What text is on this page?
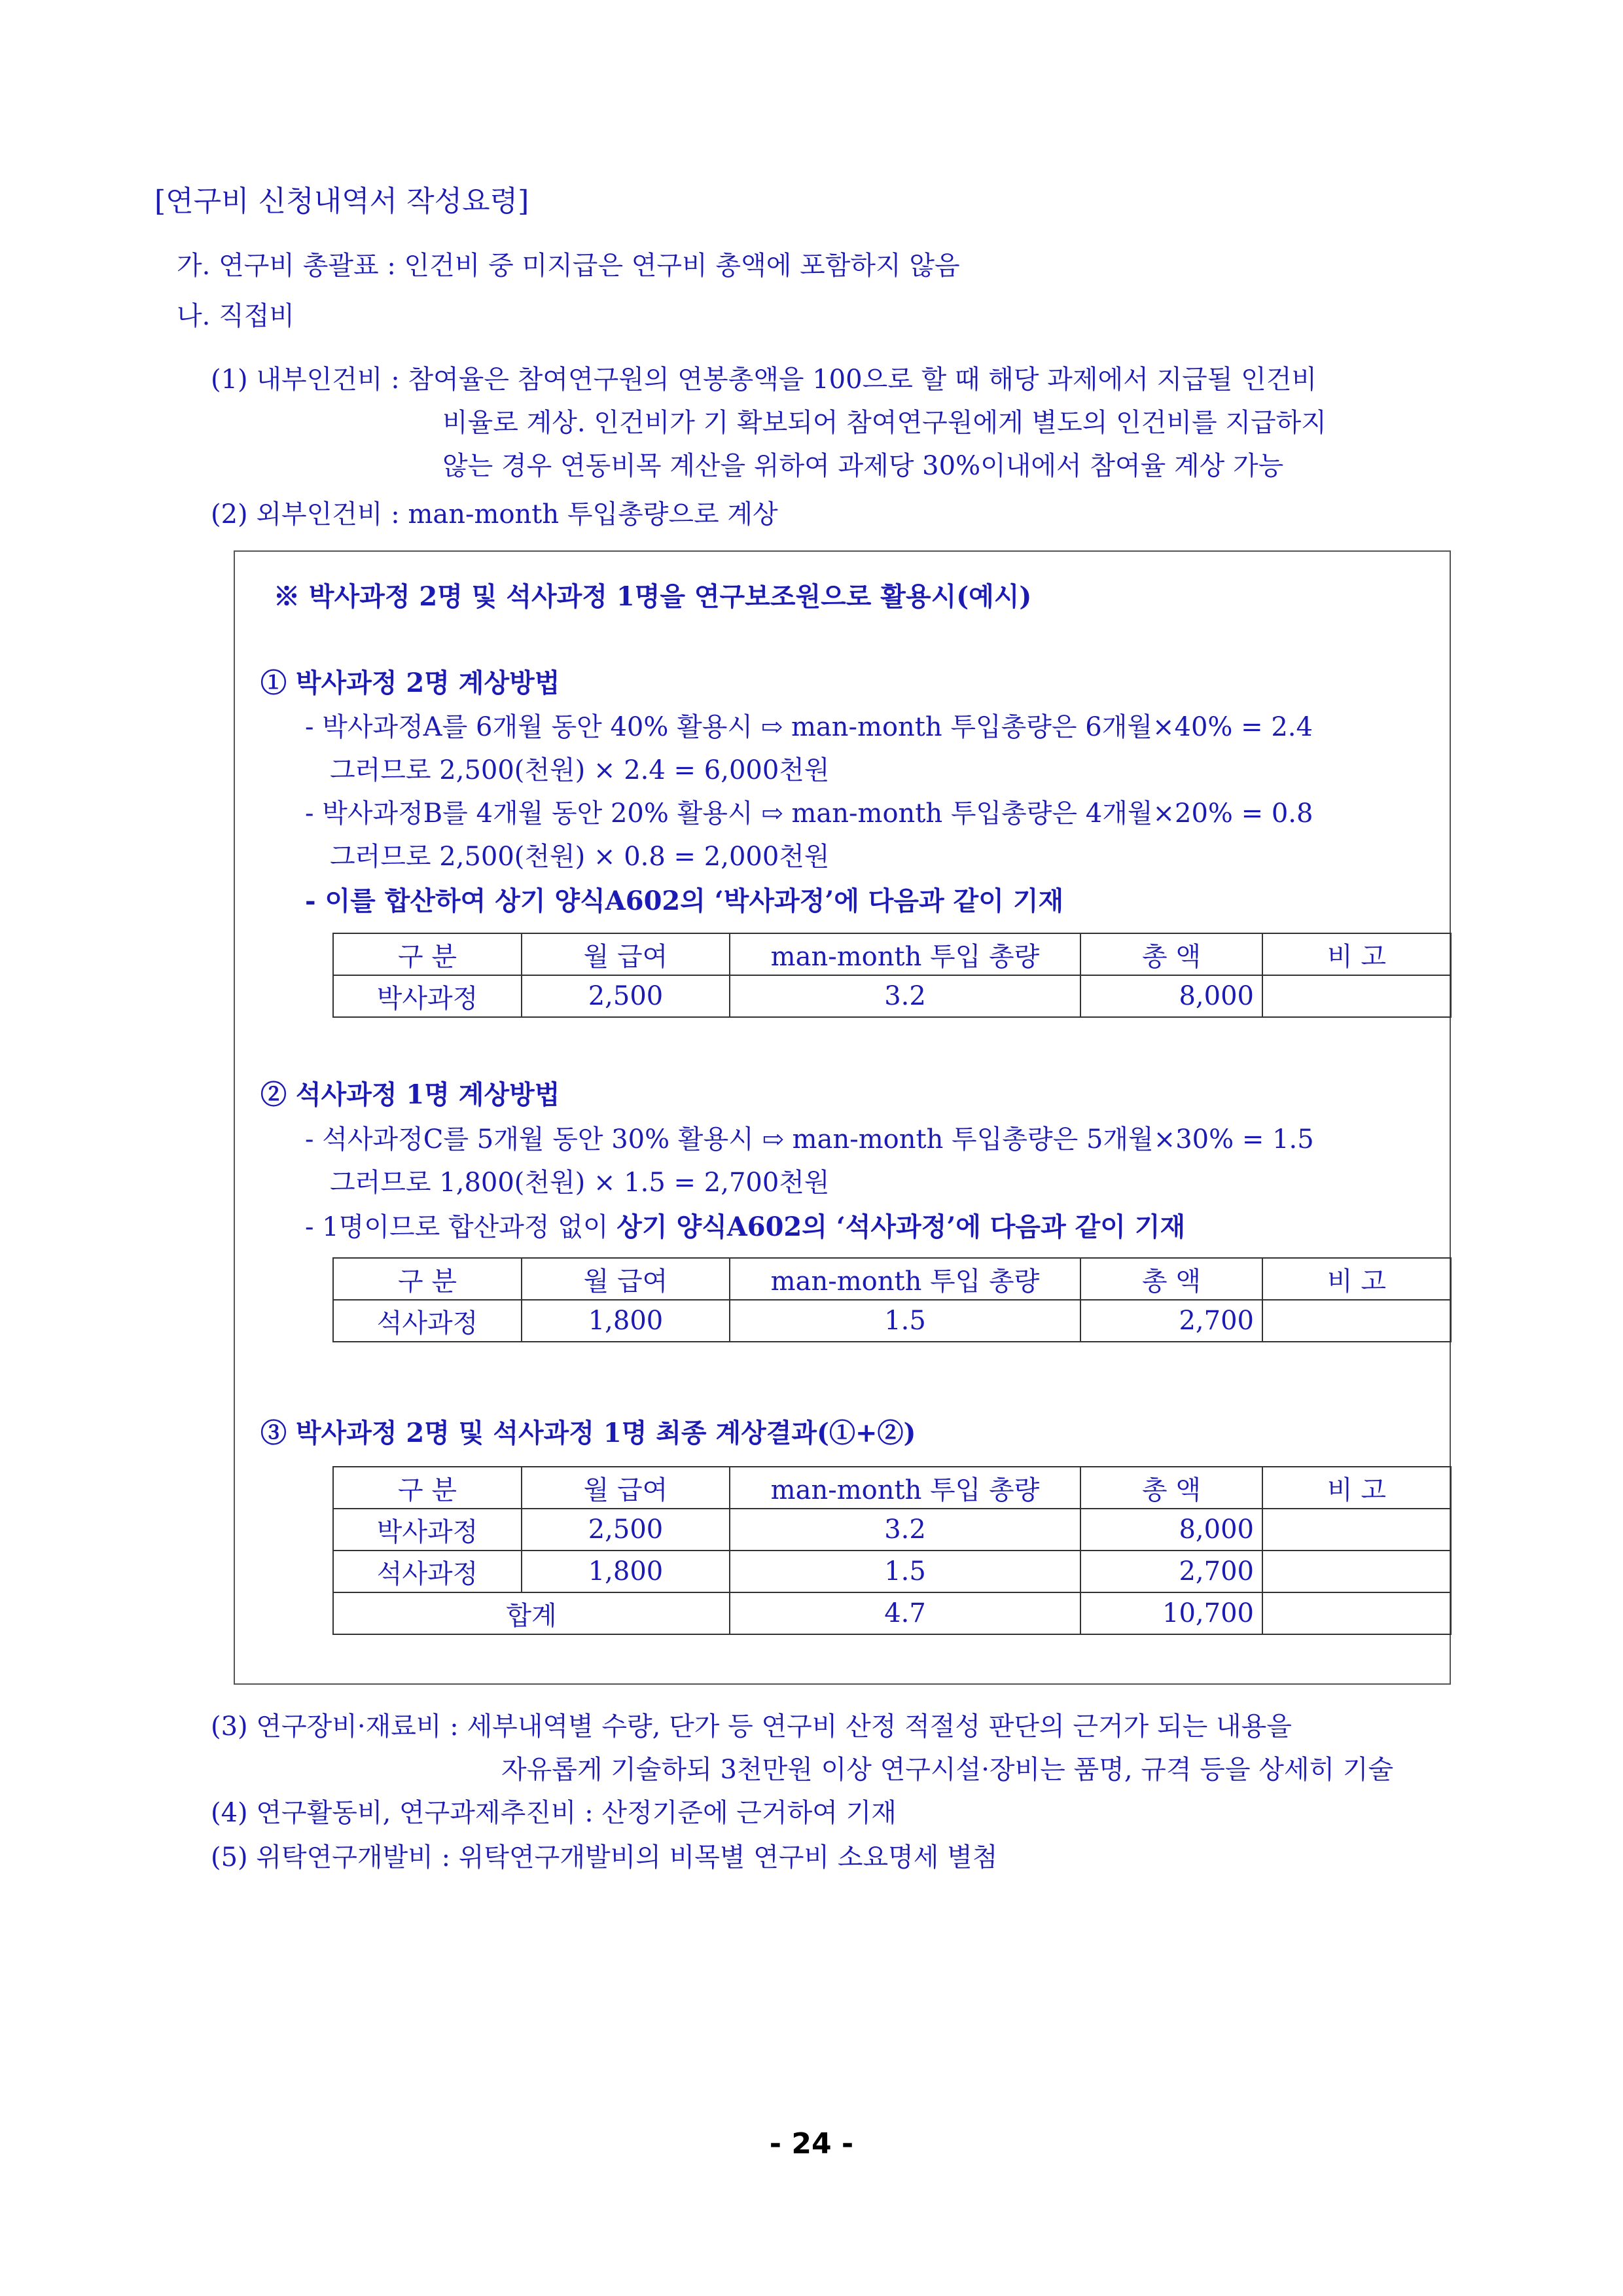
[연구비 신청내역서 작성요령]
가. 연구비 총괄표 : 인건비 중 미지급은 연구비 총액에 포함하지 않음
나. 직접비
(1) 내부인건비 : 참여율은 참여연구원의 연봉총액을 100으로 할 때 해당 과제에서 지급될 인건비
비율로 계상. 인건비가 기 확보되어 참여연구원에게 별도의 인건비를 지급하지
않는 경우 연동비목 계산을 위하여 과제당 30%이내에서 참여율 계상 가능
(2) 외부인건비 : man-month 투입총량으로 계상
※ 박사과정 2명 및 석사과정 1명을 연구보조원으로 활용시(예시)
① 박사과정 2명 계상방법
- 박사과정A를 6개월 동안 40% 활용시 ⇨ man-month 투입총량은 6개월×40% = 2.4
그러므로 2,500(천원) × 2.4 = 6,000천원
- 박사과정B를 4개월 동안 20% 활용시 ⇨ man-month 투입총량은 4개월×20% = 0.8
그러므로 2,500(천원) × 0.8 = 2,000천원
- 이를 합산하여 상기 양식A602의 ‘박사과정’에 다음과 같이 기재
구 분	월 급여	man-month 투입 총량	총 액	비 고
박사과정	2,500	3.2	8,000	
② 석사과정 1명 계상방법
- 석사과정C를 5개월 동안 30% 활용시 ⇨ man-month 투입총량은 5개월×30% = 1.5
그러므로 1,800(천원) × 1.5 = 2,700천원
- 1명이므로 합산과정 없이 상기 양식A602의 ‘석사과정’에 다음과 같이 기재
구 분	월 급여	man-month 투입 총량	총 액	비 고
석사과정	1,800	1.5	2,700	
③ 박사과정 2명 및 석사과정 1명 최종 계상결과(①+②)
구 분	월 급여	man-month 투입 총량	총 액	비 고
박사과정	2,500	3.2	8,000	
석사과정	1,800	1.5	2,700	
합계		4.7	10,700	
(3) 연구장비·재료비 : 세부내역별 수량, 단가 등 연구비 산정 적절성 판단의 근거가 되는 내용을
자유롭게 기술하되 3천만원 이상 연구시설·장비는 품명, 규격 등을 상세히 기술
(4) 연구활동비, 연구과제추진비 : 산정기준에 근거하여 기재
(5) 위탁연구개발비 : 위탁연구개발비의 비목별 연구비 소요명세 별첨
- 24 -
